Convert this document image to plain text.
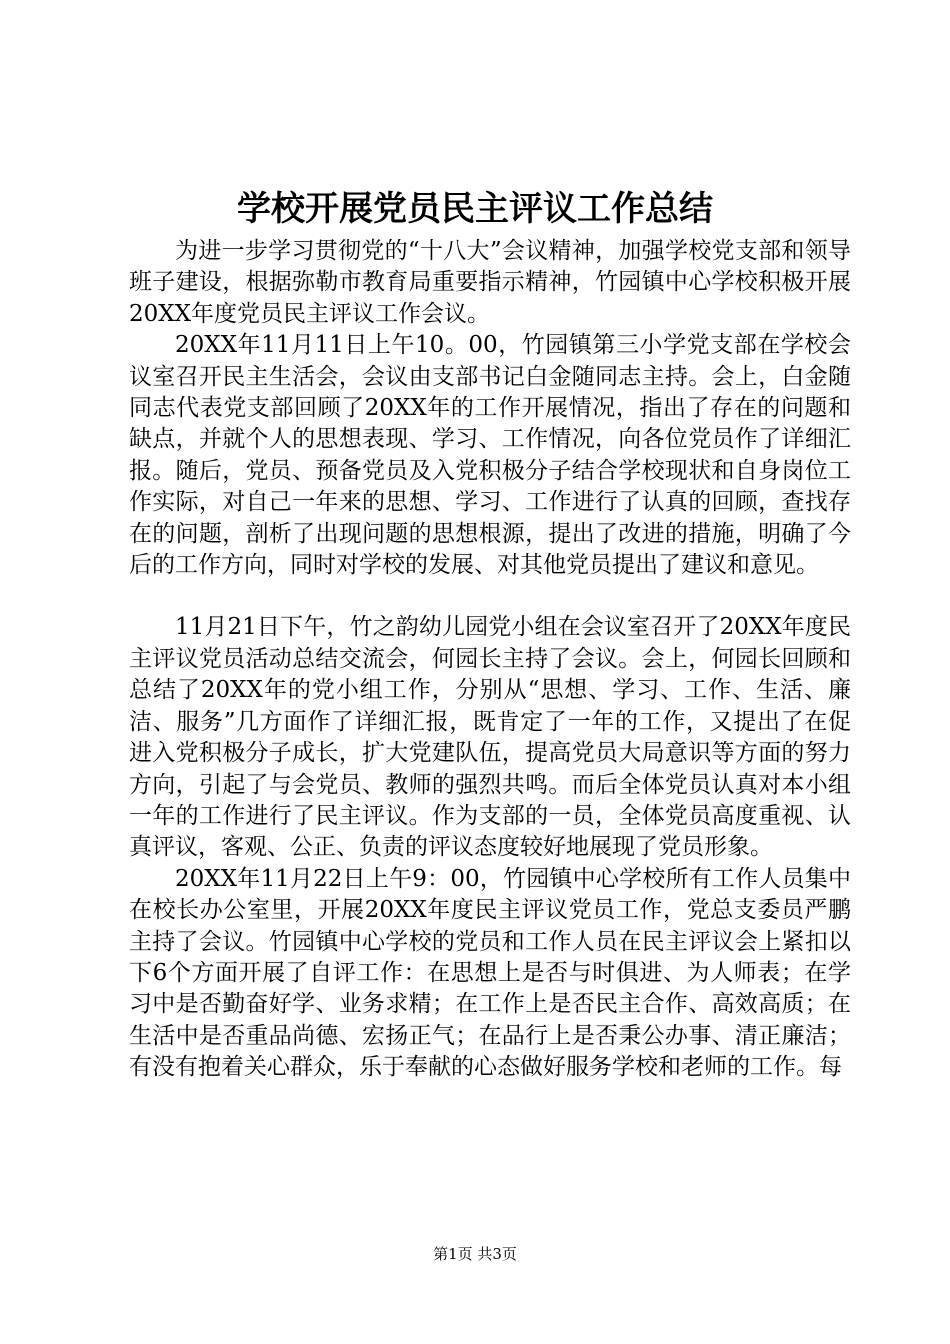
学校开展党员民主评议工作总结

为进一步学习贯彻党的“十八大”会议精神，加强学校党支部和领导班子建设，根据弥勒市教育局重要指示精神，竹园镇中心学校积极开展20XX年度党员民主评议工作会议。

20XX年11月11日上午10。00，竹园镇第三小学党支部在学校会议室召开民主生活会，会议由支部书记白金随同志主持。会上，白金随同志代表党支部回顾了20XX年的工作开展情况，指出了存在的问题和缺点，并就个人的思想表现、学习、工作情况，向各位党员作了详细汇报。随后，党员、预备党员及入党积极分子结合学校现状和自身岗位工作实际，对自己一年来的思想、学习、工作进行了认真的回顾，查找存在的问题，剖析了出现问题的思想根源，提出了改进的措施，明确了今后的工作方向，同时对学校的发展、对其他党员提出了建议和意见。

11月21日下午，竹之韵幼儿园党小组在会议室召开了20XX年度民主评议党员活动总结交流会，何园长主持了会议。会上，何园长回顾和总结了20XX年的党小组工作，分别从“思想、学习、工作、生活、廉洁、服务”几方面作了详细汇报，既肯定了一年的工作，又提出了在促进入党积极分子成长，扩大党建队伍，提高党员大局意识等方面的努力方向，引起了与会党员、教师的强烈共鸣。而后全体党员认真对本小组一年的工作进行了民主评议。作为支部的一员，全体党员高度重视、认真评议，客观、公正、负责的评议态度较好地展现了党员形象。

20XX年11月22日上午9：00，竹园镇中心学校所有工作人员集中在校长办公室里，开展20XX年度民主评议党员工作，党总支委员严鹏主持了会议。竹园镇中心学校的党员和工作人员在民主评议会上紧扣以下6个方面开展了自评工作：在思想上是否与时俱进、为人师表；在学习中是否勤奋好学、业务求精；在工作上是否民主合作、高效高质；在生活中是否重品尚德、宏扬正气；在品行上是否秉公办事、清正廉洁；有没有抱着关心群众，乐于奉献的心态做好服务学校和老师的工作。每

第1页 共3页
